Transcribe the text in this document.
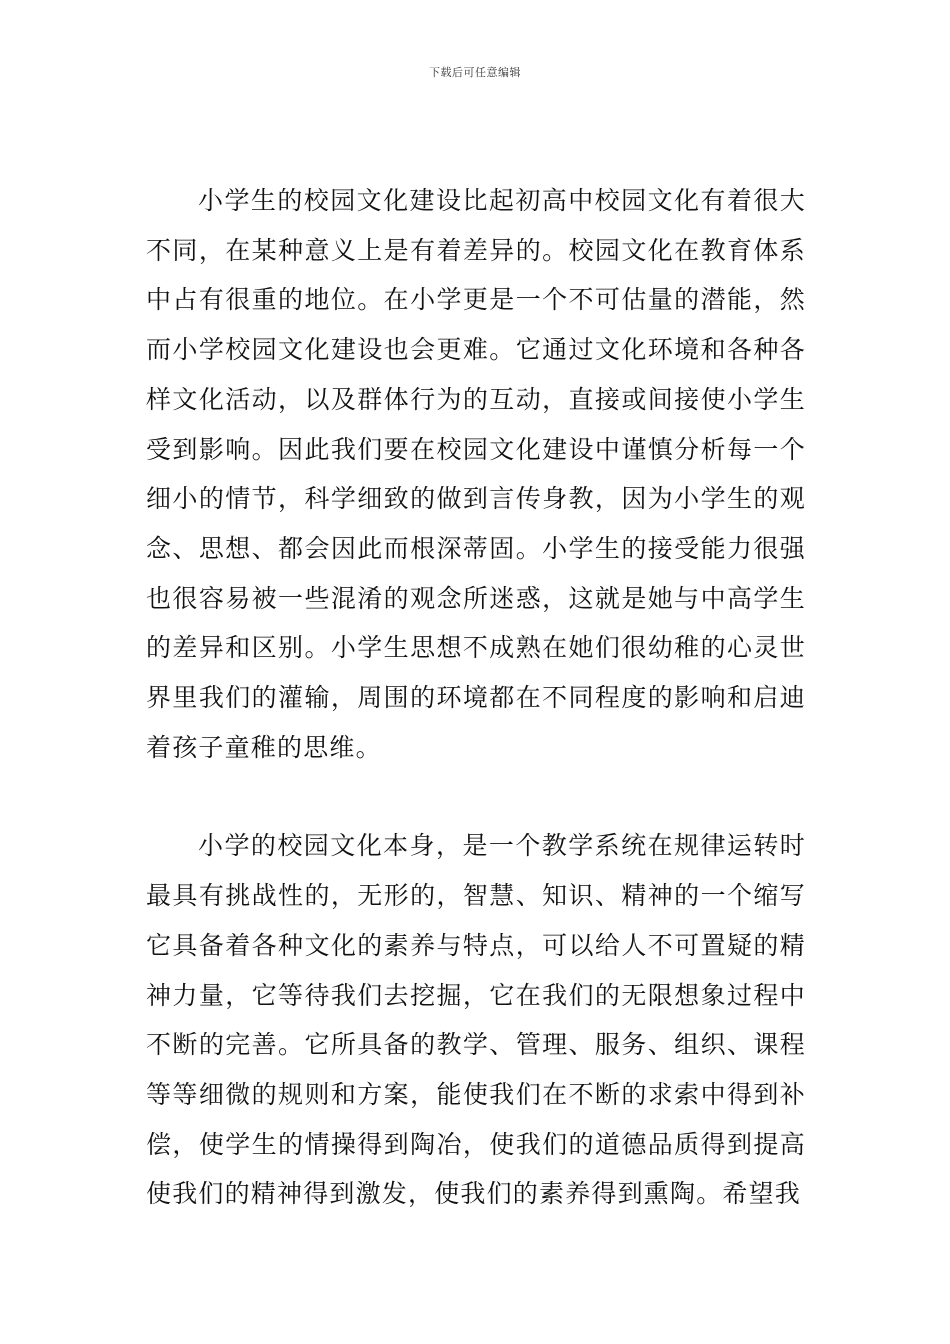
下载后可任意编辑

小学生的校园文化建设比起初高中校园文化有着很大不同，在某种意义上是有着差异的。校园文化在教育体系中占有很重的地位。在小学更是一个不可估量的潜能，然而小学校园文化建设也会更难。它通过文化环境和各种各样文化活动，以及群体行为的互动，直接或间接使小学生受到影响。因此我们要在校园文化建设中谨慎分析每一个细小的情节，科学细致的做到言传身教，因为小学生的观念、思想、都会因此而根深蒂固。小学生的接受能力很强也很容易被一些混淆的观念所迷惑，这就是她与中高学生的差异和区别。小学生思想不成熟在她们很幼稚的心灵世界里我们的灌输，周围的环境都在不同程度的影响和启迪着孩子童稚的思维。

小学的校园文化本身，是一个教学系统在规律运转时最具有挑战性的，无形的，智慧、知识、精神的一个缩写它具备着各种文化的素养与特点，可以给人不可置疑的精神力量，它等待我们去挖掘，它在我们的无限想象过程中不断的完善。它所具备的教学、管理、服务、组织、课程等等细微的规则和方案，能使我们在不断的求索中得到补偿，使学生的情操得到陶冶，使我们的道德品质得到提高使我们的精神得到激发，使我们的素养得到熏陶。希望我
